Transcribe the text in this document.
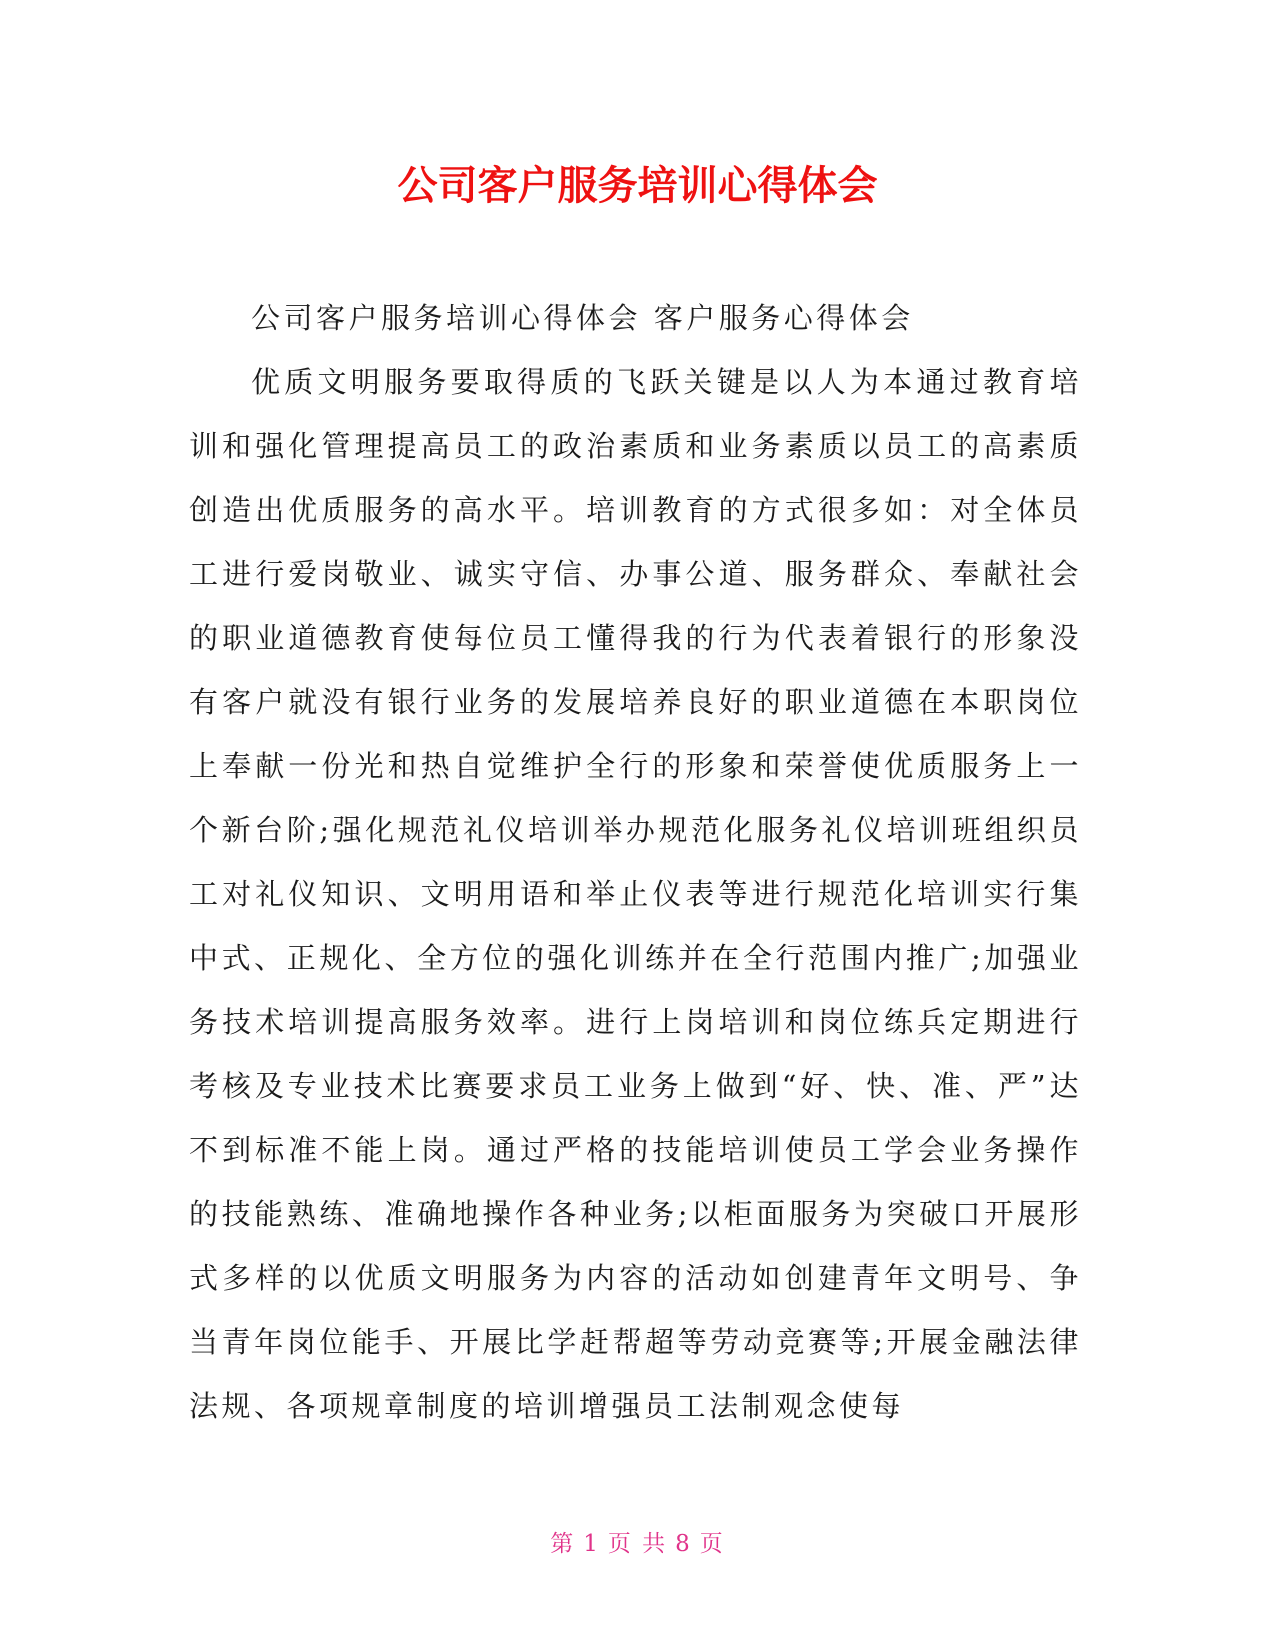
公司客户服务培训心得体会

公司客户服务培训心得体会 客户服务心得体会

优质文明服务要取得质的飞跃关键是以人为本通过教育培训和强化管理提高员工的政治素质和业务素质以员工的高素质创造出优质服务的高水平。培训教育的方式很多如：对全体员工进行爱岗敬业、诚实守信、办事公道、服务群众、奉献社会的职业道德教育使每位员工懂得我的行为代表着银行的形象没有客户就没有银行业务的发展培养良好的职业道德在本职岗位上奉献一份光和热自觉维护全行的形象和荣誉使优质服务上一个新台阶;强化规范礼仪培训举办规范化服务礼仪培训班组织员工对礼仪知识、文明用语和举止仪表等进行规范化培训实行集中式、正规化、全方位的强化训练并在全行范围内推广;加强业务技术培训提高服务效率。进行上岗培训和岗位练兵定期进行考核及专业技术比赛要求员工业务上做到“好、快、准、严”达不到标准不能上岗。通过严格的技能培训使员工学会业务操作的技能熟练、准确地操作各种业务;以柜面服务为突破口开展形式多样的以优质文明服务为内容的活动如创建青年文明号、争当青年岗位能手、开展比学赶帮超等劳动竞赛等;开展金融法律法规、各项规章制度的培训增强员工法制观念使每

第 1 页 共 8 页
